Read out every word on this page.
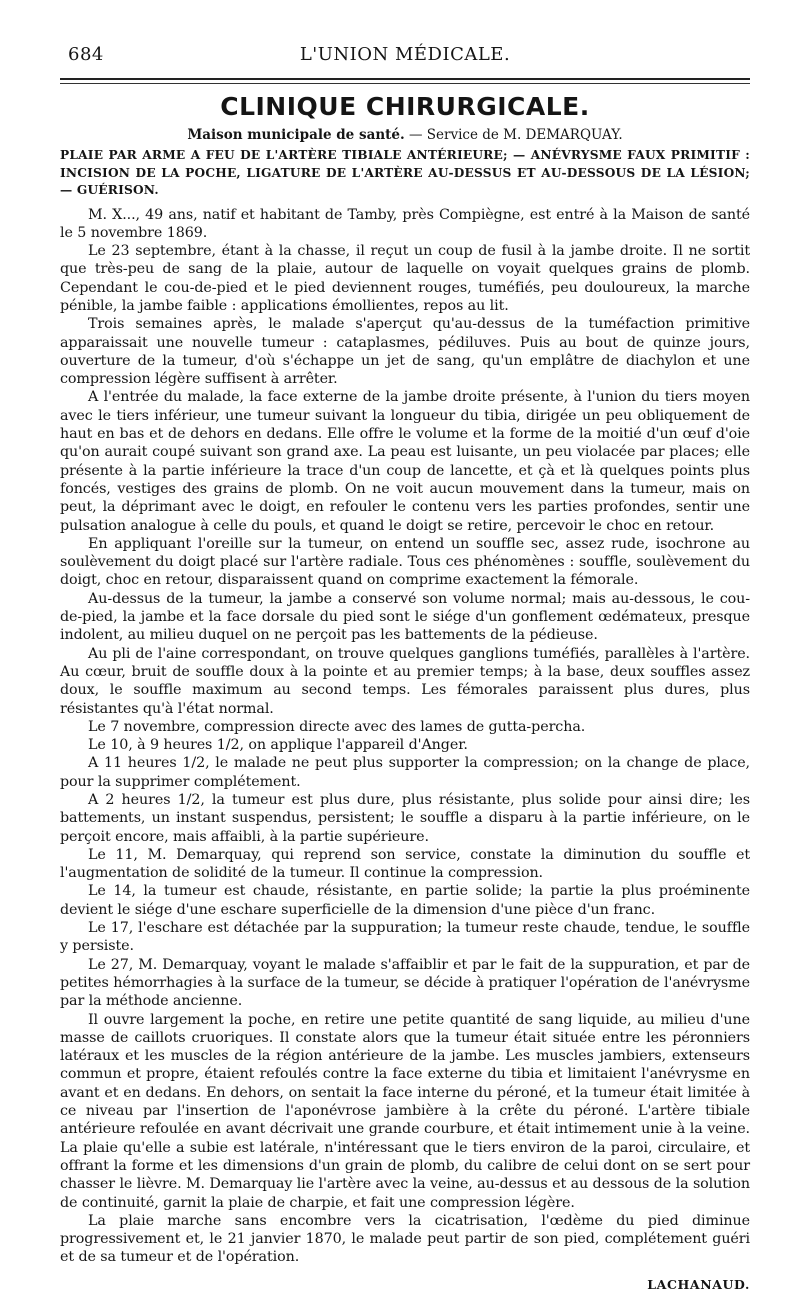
684	L'UNION MÉDICALE.
CLINIQUE CHIRURGICALE.
Maison municipale de santé. — Service de M. DEMARQUAY.
PLAIE PAR ARME A FEU DE L'ARTÈRE TIBIALE ANTÉRIEURE; — ANÉVRYSME FAUX PRIMITIF : INCISION DE LA POCHE, LIGATURE DE L'ARTÈRE AU-DESSUS ET AU-DESSOUS DE LA LÉSION; — GUÉRISON.

M. X..., 49 ans, natif et habitant de Tamby, près Compiègne, est entré à la Maison de santé le 5 novembre 1869.

Le 23 septembre, étant à la chasse, il reçut un coup de fusil à la jambe droite. Il ne sortit que très-peu de sang de la plaie, autour de laquelle on voyait quelques grains de plomb. Cependant le cou-de-pied et le pied deviennent rouges, tuméfiés, peu douloureux, la marche pénible, la jambe faible : applications émollientes, repos au lit.

Trois semaines après, le malade s'aperçut qu'au-dessus de la tuméfaction primitive apparaissait une nouvelle tumeur : cataplasmes, pédiluves. Puis au bout de quinze jours, ouverture de la tumeur, d'où s'échappe un jet de sang, qu'un emplâtre de diachylon et une compression légère suffisent à arrêter.

A l'entrée du malade, la face externe de la jambe droite présente, à l'union du tiers moyen avec le tiers inférieur, une tumeur suivant la longueur du tibia, dirigée un peu obliquement de haut en bas et de dehors en dedans. Elle offre le volume et la forme de la moitié d'un œuf d'oie qu'on aurait coupé suivant son grand axe. La peau est luisante, un peu violacée par places; elle présente à la partie inférieure la trace d'un coup de lancette, et çà et là quelques points plus foncés, vestiges des grains de plomb. On ne voit aucun mouvement dans la tumeur, mais on peut, la déprimant avec le doigt, en refouler le contenu vers les parties profondes, sentir une pulsation analogue à celle du pouls, et quand le doigt se retire, percevoir le choc en retour.

En appliquant l'oreille sur la tumeur, on entend un souffle sec, assez rude, isochrone au soulèvement du doigt placé sur l'artère radiale. Tous ces phénomènes : souffle, soulèvement du doigt, choc en retour, disparaissent quand on comprime exactement la fémorale.

Au-dessus de la tumeur, la jambe a conservé son volume normal; mais au-dessous, le cou-de-pied, la jambe et la face dorsale du pied sont le siége d'un gonflement œdémateux, presque indolent, au milieu duquel on ne perçoit pas les battements de la pédieuse.

Au pli de l'aine correspondant, on trouve quelques ganglions tuméfiés, parallèles à l'artère. Au cœur, bruit de souffle doux à la pointe et au premier temps; à la base, deux souffles assez doux, le souffle maximum au second temps. Les fémorales paraissent plus dures, plus résistantes qu'à l'état normal.

Le 7 novembre, compression directe avec des lames de gutta-percha.

Le 10, à 9 heures 1/2, on applique l'appareil d'Anger.

A 11 heures 1/2, le malade ne peut plus supporter la compression; on la change de place, pour la supprimer complétement.

A 2 heures 1/2, la tumeur est plus dure, plus résistante, plus solide pour ainsi dire; les battements, un instant suspendus, persistent; le souffle a disparu à la partie inférieure, on le perçoit encore, mais affaibli, à la partie supérieure.

Le 11, M. Demarquay, qui reprend son service, constate la diminution du souffle et l'augmentation de solidité de la tumeur. Il continue la compression.

Le 14, la tumeur est chaude, résistante, en partie solide; la partie la plus proéminente devient le siége d'une eschare superficielle de la dimension d'une pièce d'un franc.

Le 17, l'eschare est détachée par la suppuration; la tumeur reste chaude, tendue, le souffle y persiste.

Le 27, M. Demarquay, voyant le malade s'affaiblir et par le fait de la suppuration, et par de petites hémorrhagies à la surface de la tumeur, se décide à pratiquer l'opération de l'anévrysme par la méthode ancienne.

Il ouvre largement la poche, en retire une petite quantité de sang liquide, au milieu d'une masse de caillots cruoriques. Il constate alors que la tumeur était située entre les péronniers latéraux et les muscles de la région antérieure de la jambe. Les muscles jambiers, extenseurs commun et propre, étaient refoulés contre la face externe du tibia et limitaient l'anévrysme en avant et en dedans. En dehors, on sentait la face interne du péroné, et la tumeur était limitée à ce niveau par l'insertion de l'aponévrose jambière à la crête du péroné. L'artère tibiale antérieure refoulée en avant décrivait une grande courbure, et était intimement unie à la veine. La plaie qu'elle a subie est latérale, n'intéressant que le tiers environ de la paroi, circulaire, et offrant la forme et les dimensions d'un grain de plomb, du calibre de celui dont on se sert pour chasser le lièvre. M. Demarquay lie l'artère avec la veine, au-dessus et au dessous de la solution de continuité, garnit la plaie de charpie, et fait une compression légère.

La plaie marche sans encombre vers la cicatrisation, l'œdème du pied diminue progressivement et, le 21 janvier 1870, le malade peut partir de son pied, complétement guéri et de sa tumeur et de l'opération.

LACHANAUD.
